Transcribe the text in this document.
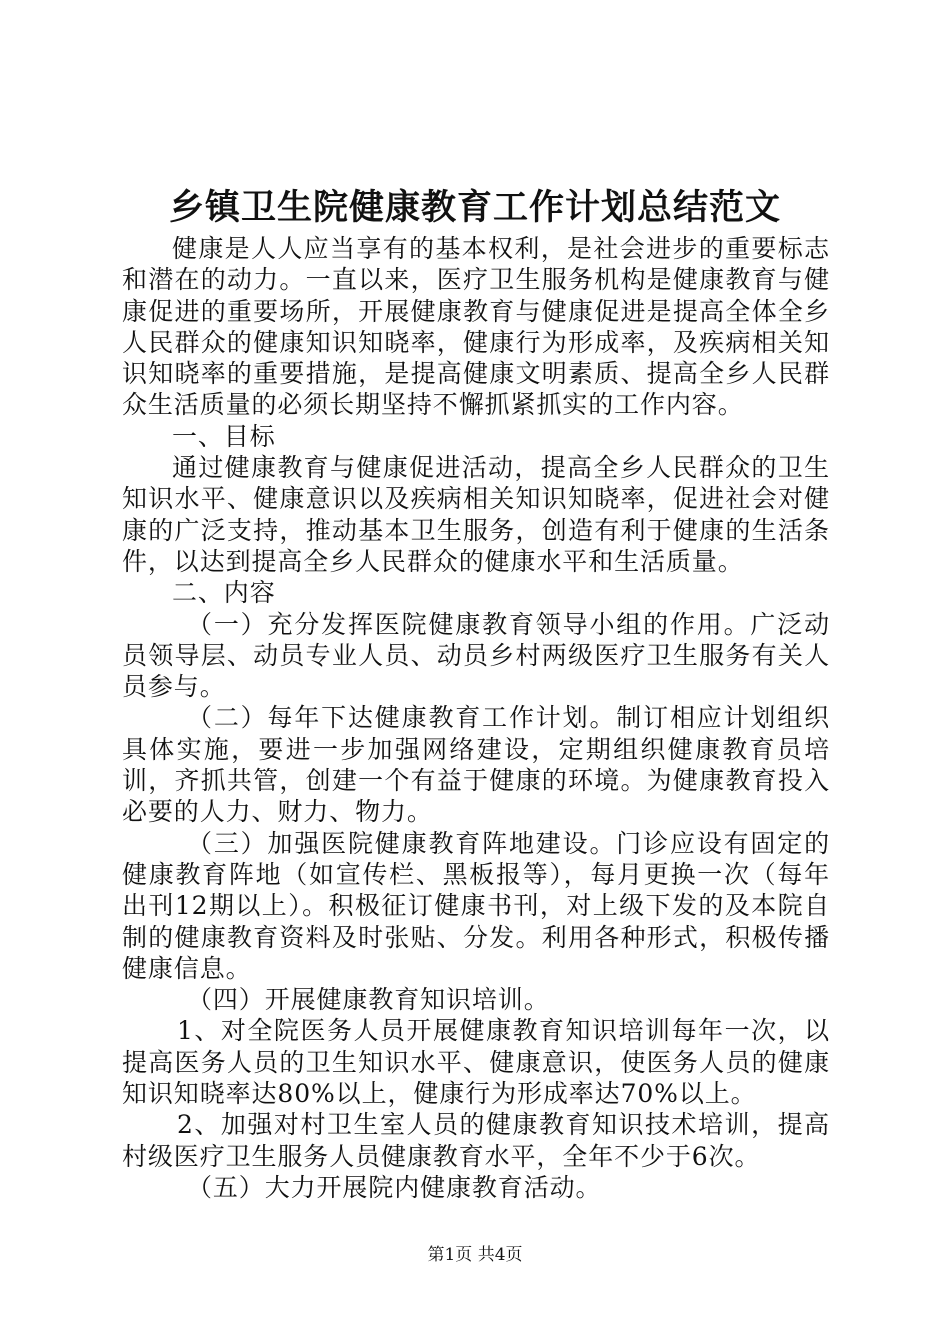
乡镇卫生院健康教育工作计划总结范文

健康是人人应当享有的基本权利，是社会进步的重要标志和潜在的动力。一直以来，医疗卫生服务机构是健康教育与健康促进的重要场所，开展健康教育与健康促进是提高全体全乡人民群众的健康知识知晓率，健康行为形成率，及疾病相关知识知晓率的重要措施，是提高健康文明素质、提高全乡人民群众生活质量的必须长期坚持不懈抓紧抓实的工作内容。

一、目标

通过健康教育与健康促进活动，提高全乡人民群众的卫生知识水平、健康意识以及疾病相关知识知晓率，促进社会对健康的广泛支持，推动基本卫生服务，创造有利于健康的生活条件，以达到提高全乡人民群众的健康水平和生活质量。

二、内容

（一）充分发挥医院健康教育领导小组的作用。广泛动员领导层、动员专业人员、动员乡村两级医疗卫生服务有关人员参与。

（二）每年下达健康教育工作计划。制订相应计划组织具体实施，要进一步加强网络建设，定期组织健康教育员培训，齐抓共管，创建一个有益于健康的环境。为健康教育投入必要的人力、财力、物力。

（三）加强医院健康教育阵地建设。门诊应设有固定的健康教育阵地（如宣传栏、黑板报等），每月更换一次（每年出刊12期以上）。积极征订健康书刊，对上级下发的及本院自制的健康教育资料及时张贴、分发。利用各种形式，积极传播健康信息。

（四）开展健康教育知识培训。

1、对全院医务人员开展健康教育知识培训每年一次，以提高医务人员的卫生知识水平、健康意识，使医务人员的健康知识知晓率达80%以上，健康行为形成率达70%以上。

2、加强对村卫生室人员的健康教育知识技术培训，提高村级医疗卫生服务人员健康教育水平，全年不少于6次。

（五）大力开展院内健康教育活动。

第1页 共4页
